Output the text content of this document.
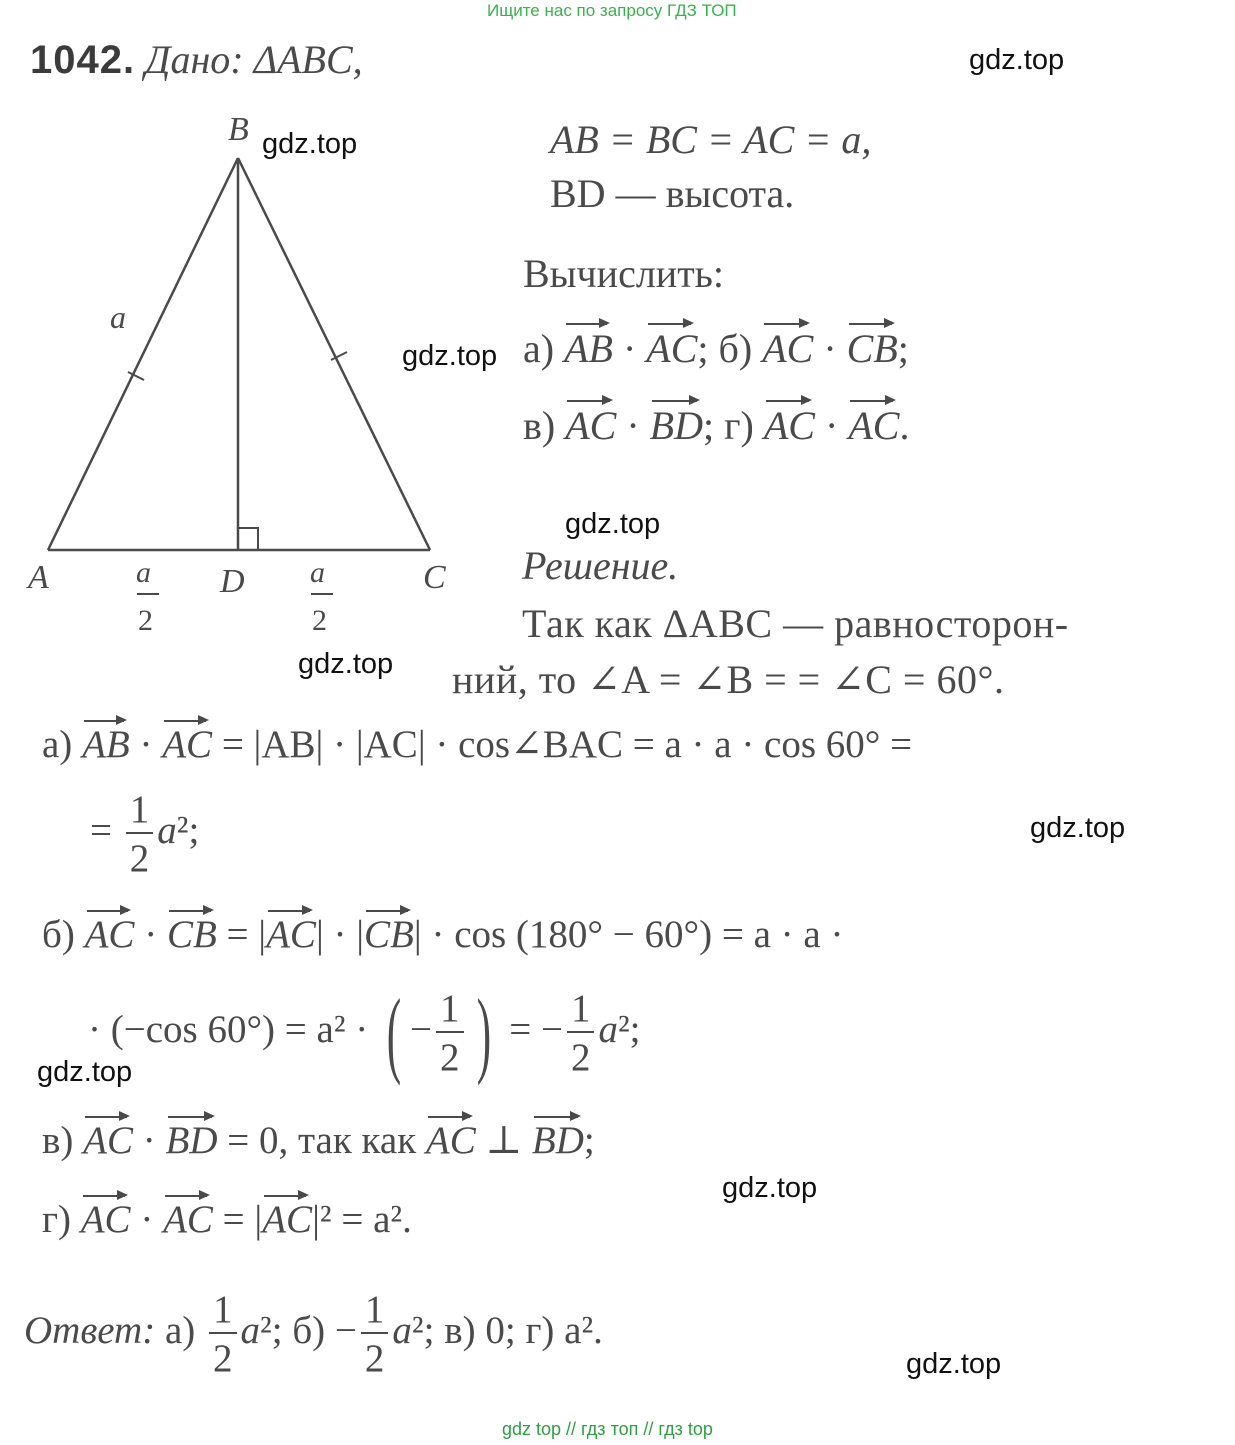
Ищите нас по запросу ГДЗ ТОП
gdz.top
gdz.top
gdz.top
gdz.top
gdz.top
gdz.top
gdz.top
gdz.top
gdz.top
1042. Дано: ΔABC,
B
A	C
D
a
a
2
a
2
AB = BC = AC = a,
BD — высота.
Вычислить:
а) AB · AC; б) AC · CB;
в) AC · BD; г) AC · AC.
Решение.
Так как ΔABC — равносторон-
ний, то ∠A = ∠B = = ∠C = 60°.
а) AB · AC = |AB| · |AC| · cos∠BAC = a · a · cos 60° =
= $\frac{1}{2} a^2$;
б) AC · CB = |AC| · |CB| · cos (180° − 60°) = a · a ·
· (−cos 60°) = a² · ( − $\frac{1}{2}$ ) = − $\frac{1}{2} a^2$;
в) AC · BD = 0, так как AC ⊥ BD;
г) AC · AC = |AC|² = a².
Ответ: $а) \frac{1}{2} a^2$; $б) - \frac{1}{2} a^2$; в) 0; г) a².
gdz top // гдз топ // гдз top
